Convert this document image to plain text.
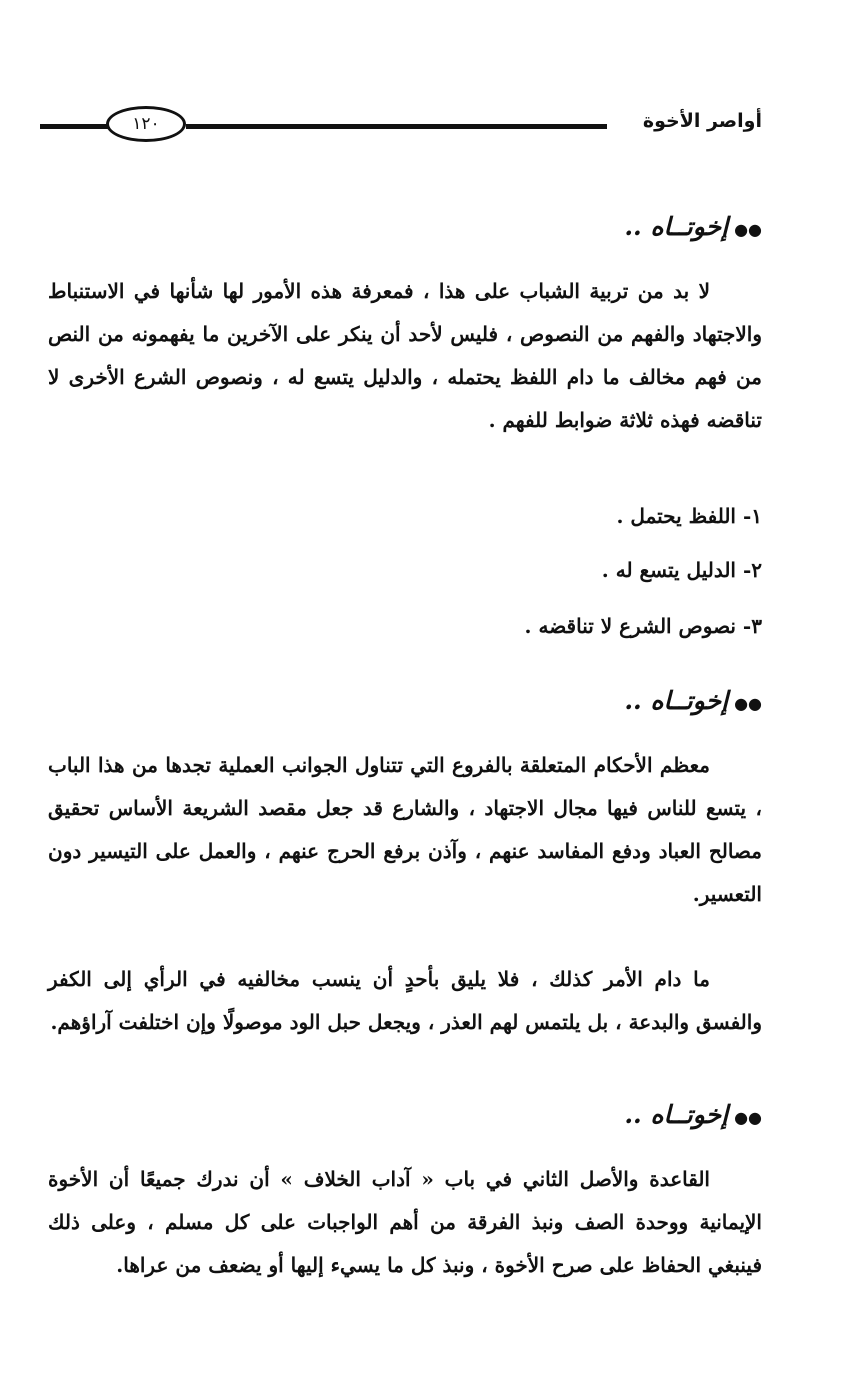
١٢٠	أواصر الأخوة
●●إخوتــاه ..

لا بد من تربية الشباب على هذا ، فمعرفة هذه الأمور لها شأنها في الاستنباط والاجتهاد والفهم من النصوص ، فليس لأحد أن ينكر على الآخرين ما يفهمونه من النص من فهم مخالف ما دام اللفظ يحتمله ، والدليل يتسع له ، ونصوص الشرع الأخرى لا تناقضه فهذه ثلاثة ضوابط للفهم .

١- اللفظ يحتمل .
٢- الدليل يتسع له .
٣- نصوص الشرع لا تناقضه .
●●إخوتــاه ..

معظم الأحكام المتعلقة بالفروع التي تتناول الجوانب العملية تجدها من هذا الباب ، يتسع للناس فيها مجال الاجتهاد ، والشارع قد جعل مقصد الشريعة الأساس تحقيق مصالح العباد ودفع المفاسد عنهم ، وآذن برفع الحرج عنهم ، والعمل على التيسير دون التعسير.

ما دام الأمر كذلك ، فلا يليق بأحدٍ أن ينسب مخالفيه في الرأي إلى الكفر والفسق والبدعة ، بل يلتمس لهم العذر ، ويجعل حبل الود موصولًا وإن اختلفت آراؤهم.

●●إخوتــاه ..

القاعدة والأصل الثاني في باب « آداب الخلاف » أن ندرك جميعًا أن الأخوة الإيمانية ووحدة الصف ونبذ الفرقة من أهم الواجبات على كل مسلم ، وعلى ذلك فينبغي الحفاظ على صرح الأخوة ، ونبذ كل ما يسيء إليها أو يضعف من عراها.
